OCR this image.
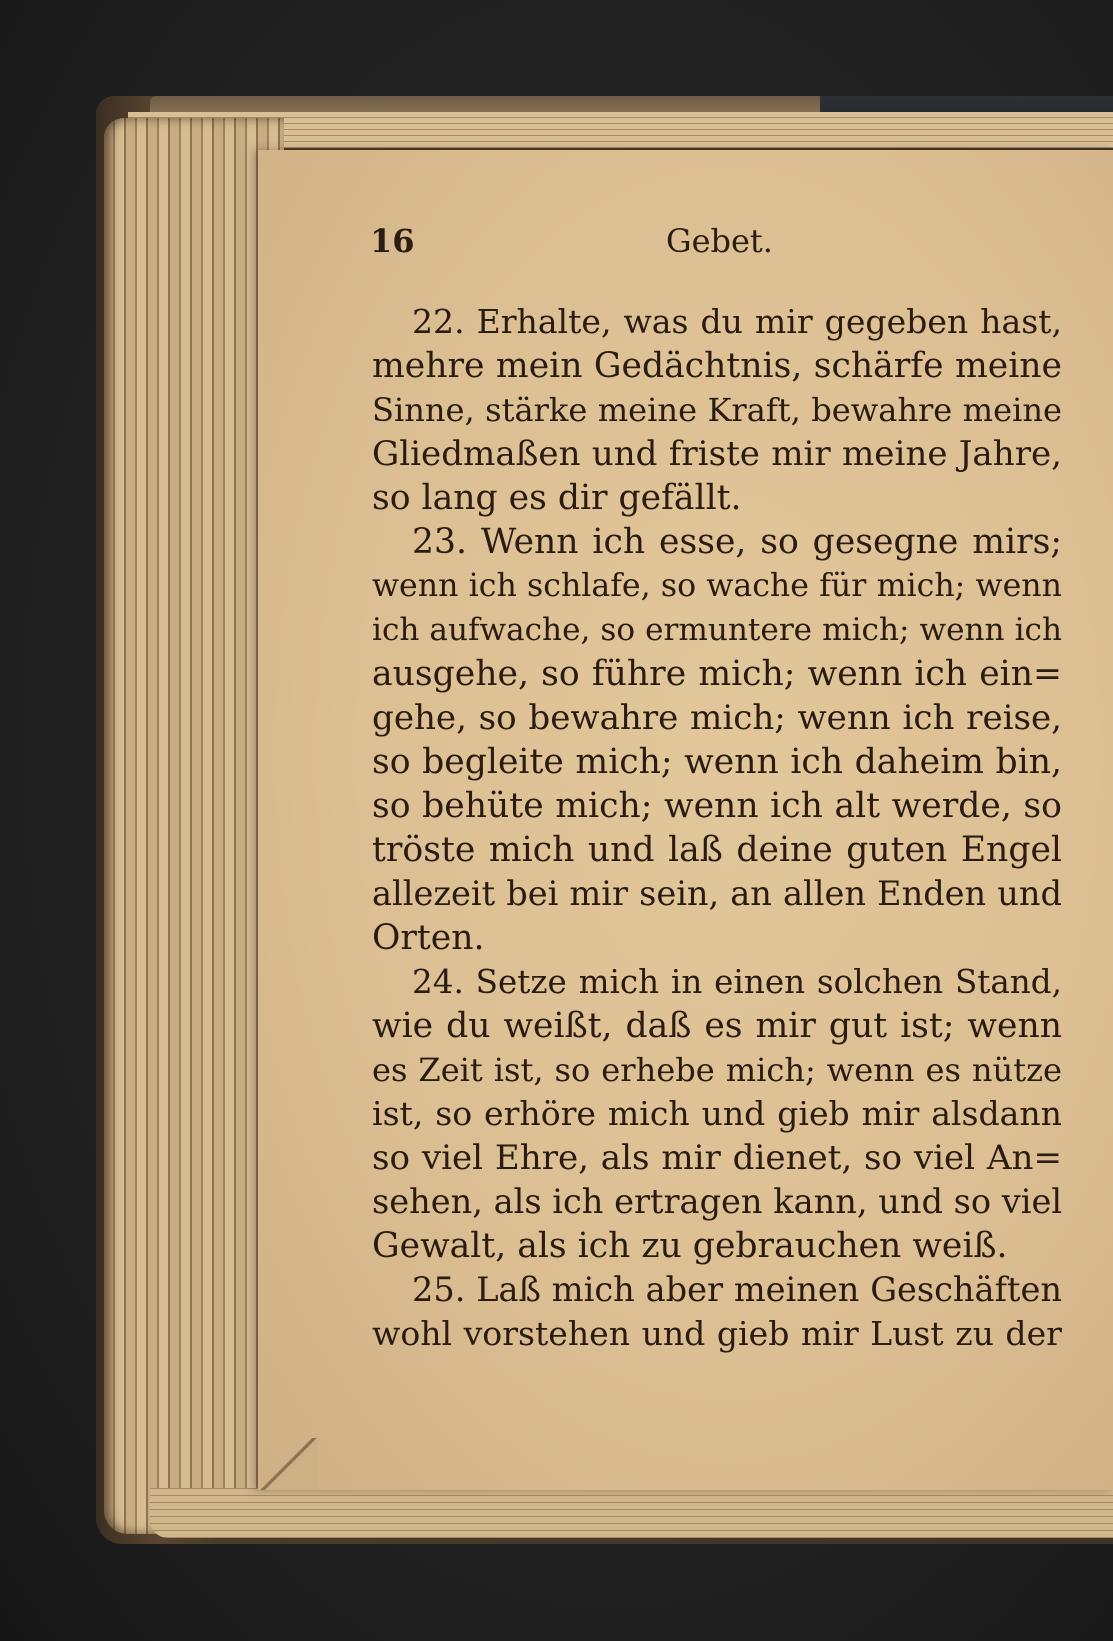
16	Gebet.
22. Erhalte, was du mir gegeben hast,
mehre mein Gedächtnis, schärfe meine
Sinne, stärke meine Kraft, bewahre meine
Gliedmaßen und friste mir meine Jahre,
so lang es dir gefällt.
23. Wenn ich esse, so gesegne mirs;
wenn ich schlafe, so wache für mich; wenn
ich aufwache, so ermuntere mich; wenn ich
ausgehe, so führe mich; wenn ich ein=
gehe, so bewahre mich; wenn ich reise,
so begleite mich; wenn ich daheim bin,
so behüte mich; wenn ich alt werde, so
tröste mich und laß deine guten Engel
allezeit bei mir sein, an allen Enden und
Orten.
24. Setze mich in einen solchen Stand,
wie du weißt, daß es mir gut ist; wenn
es Zeit ist, so erhebe mich; wenn es nütze
ist, so erhöre mich und gieb mir alsdann
so viel Ehre, als mir dienet, so viel An=
sehen, als ich ertragen kann, und so viel
Gewalt, als ich zu gebrauchen weiß.
25. Laß mich aber meinen Geschäften
wohl vorstehen und gieb mir Lust zu der
